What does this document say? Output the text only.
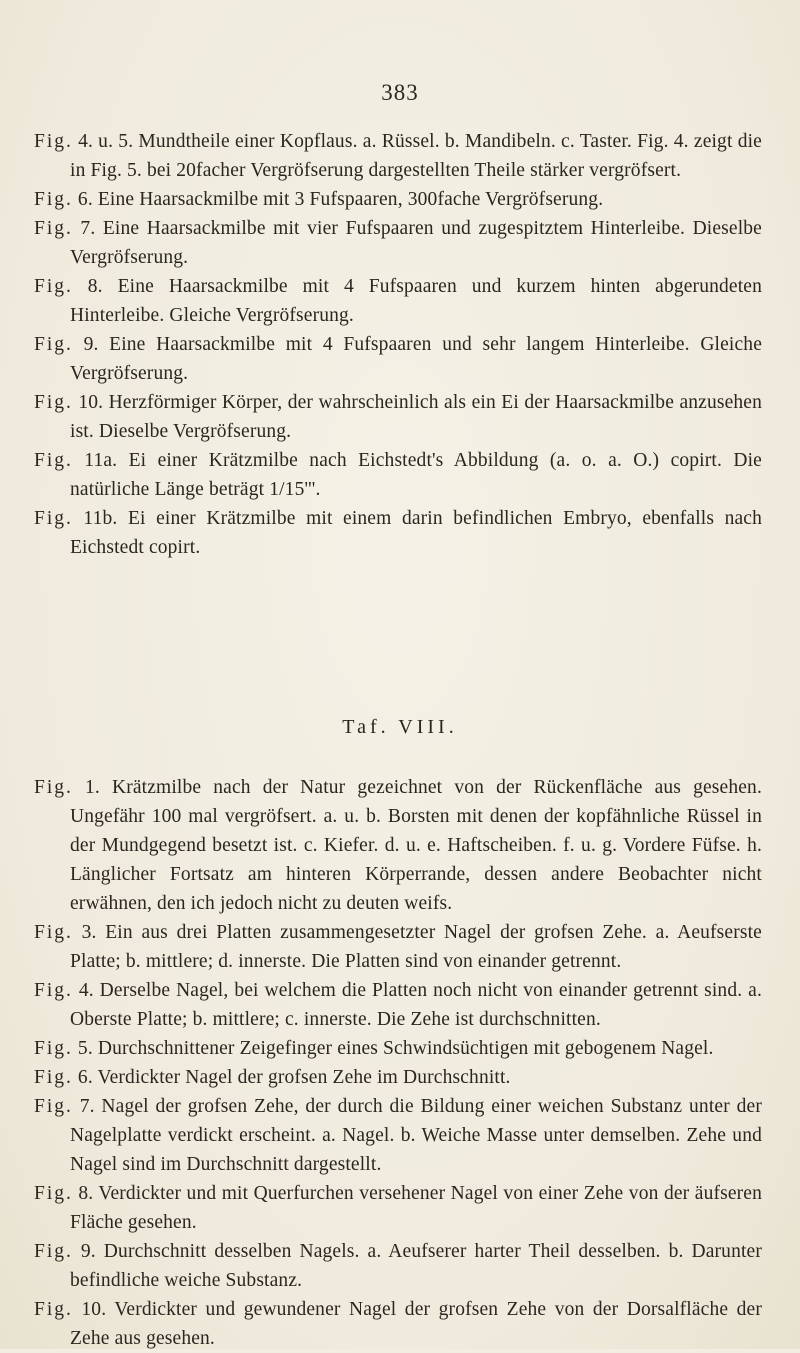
383

Fig. 4. u. 5. Mundtheile einer Kopflaus. a. Rüssel. b. Mandibeln. c. Taster. Fig. 4. zeigt die in Fig. 5. bei 20facher Vergröfserung dargestellten Theile stärker vergröfsert.

Fig. 6. Eine Haarsackmilbe mit 3 Fufspaaren, 300fache Vergröfserung.

Fig. 7. Eine Haarsackmilbe mit vier Fufspaaren und zugespitztem Hinterleibe. Dieselbe Vergröfserung.

Fig. 8. Eine Haarsackmilbe mit 4 Fufspaaren und kurzem hinten abgerundeten Hinterleibe. Gleiche Vergröfserung.

Fig. 9. Eine Haarsackmilbe mit 4 Fufspaaren und sehr langem Hinterleibe. Gleiche Vergröfserung.

Fig. 10. Herzförmiger Körper, der wahrscheinlich als ein Ei der Haarsackmilbe anzusehen ist. Dieselbe Vergröfserung.

Fig. 11a. Ei einer Krätzmilbe nach Eichstedt's Abbildung (a. o. a. O.) copirt. Die natürliche Länge beträgt 1/15'''.

Fig. 11b. Ei einer Krätzmilbe mit einem darin befindlichen Embryo, ebenfalls nach Eichstedt copirt.

Taf. VIII.

Fig. 1. Krätzmilbe nach der Natur gezeichnet von der Rückenfläche aus gesehen. Ungefähr 100 mal vergröfsert. a. u. b. Borsten mit denen der kopfähnliche Rüssel in der Mundgegend besetzt ist. c. Kiefer. d. u. e. Haftscheiben. f. u. g. Vordere Füfse. h. Länglicher Fortsatz am hinteren Körperrande, dessen andere Beobachter nicht erwähnen, den ich jedoch nicht zu deuten weifs.

Fig. 3. Ein aus drei Platten zusammengesetzter Nagel der grofsen Zehe. a. Aeufserste Platte; b. mittlere; d. innerste. Die Platten sind von einander getrennt.

Fig. 4. Derselbe Nagel, bei welchem die Platten noch nicht von einander getrennt sind. a. Oberste Platte; b. mittlere; c. innerste. Die Zehe ist durchschnitten.

Fig. 5. Durchschnittener Zeigefinger eines Schwindsüchtigen mit gebogenem Nagel.

Fig. 6. Verdickter Nagel der grofsen Zehe im Durchschnitt.

Fig. 7. Nagel der grofsen Zehe, der durch die Bildung einer weichen Substanz unter der Nagelplatte verdickt erscheint. a. Nagel. b. Weiche Masse unter demselben. Zehe und Nagel sind im Durchschnitt dargestellt.

Fig. 8. Verdickter und mit Querfurchen versehener Nagel von einer Zehe von der äufseren Fläche gesehen.

Fig. 9. Durchschnitt desselben Nagels. a. Aeufserer harter Theil desselben. b. Darunter befindliche weiche Substanz.

Fig. 10. Verdickter und gewundener Nagel der grofsen Zehe von der Dorsalfläche der Zehe aus gesehen.
